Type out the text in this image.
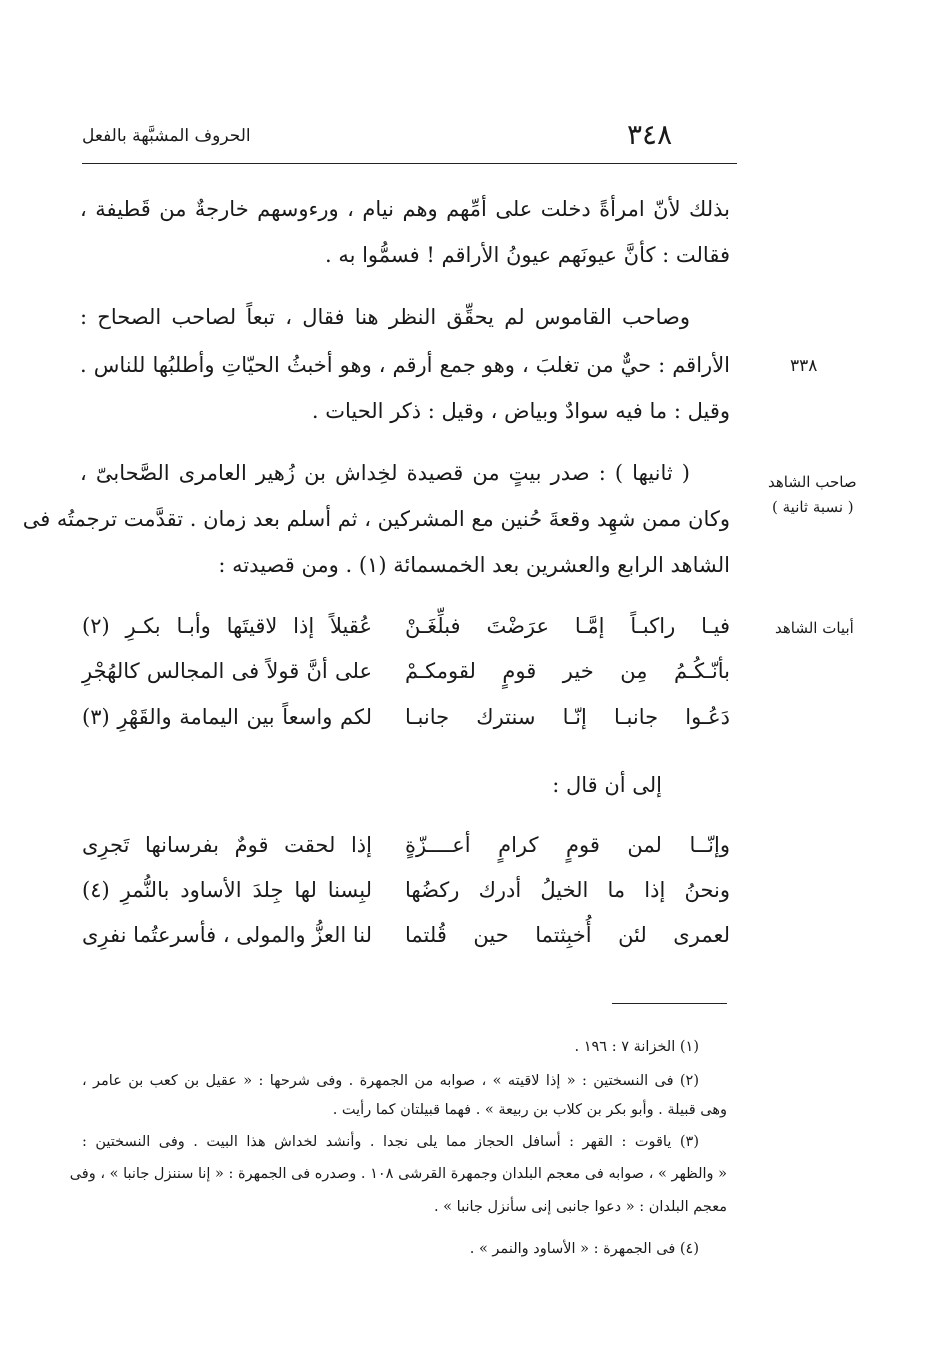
٣٤٨
الحروف المشبَّهة بالفعل
بذلك لأنّ امرأةً دخلت على أمِّهم وهم نيام ، ورءوسهم خارجةٌ من قَطيفة ،
فقالت : كأنَّ عيونَهم عيونُ الأراقم ! فسمُّوا به .
وصاحب القاموس لم يحقِّق النظر هنا فقال ، تبعاً لصاحب الصحاح :
الأراقم : حيٌّ من تغلبَ ، وهو جمع أرقم ، وهو أخبثُ الحيّاتِ وأطلبُها للناس .
وقيل : ما فيه سوادٌ وبياض ، وقيل : ذكر الحيات .
٣٣٨
( ثانيها ) : صدر بيتٍ من قصيدة لخِداش بن زُهير العامرى الصَّحابىّ ،
وكان ممن شهِد وقعةَ حُنين مع المشركين ، ثم أسلم بعد زمان . تقدَّمت ترجمتُه فى
الشاهد الرابع والعشرين بعد الخمسمائة (١) . ومن قصيدته :
صاحب الشاهد
( نسبة ثانية )
أبيات الشاهد
فيـا راكبـاً إمَّـا عرَضْتَ فبلِّغَـنْ
عُقيلاً إذا لاقيتَها وأبـا بكـرِ (٢)
بأنّـكُـمُ مِن خير قومٍ لقومكـمْ
على أنَّ قولاً فى المجالس كالهُجْرِ
دَعُـوا جانبـا إنّـا سنترك جانبـا
لكم واسعاً بين اليمامة والقَهْرِ (٣)
إلى أن قال :
وإنّــا لمن قومٍ كرامٍ أعــــزّةٍ
إذا لحقت قومٌ بفرسانها تَجرِى
ونحنُ إذا ما الخيلُ أدرك ركضُها
لبِسنا لها جِلدَ الأساود بالنُّمرِ (٤)
لعمرى لئن أُخبِثتما حين قُلتما
لنا العزُّ والمولى ، فأسرعتُما نفرِى
(١) الخزانة ٧ : ١٩٦ .
(٢) فى النسختين : « إذا لاقيته » ، صوابه من الجمهرة . وفى شرحها : « عقيل بن كعب بن عامر ،
وهى قبيلة . وأبو بكر بن كلاب بن ربيعة » . فهما قبيلتان كما رأيت .
(٣) ياقوت : القهر : أسافل الحجاز مما يلى نجدا . وأنشد لخداش هذا البيت . وفى النسختين :
« والظهر » ، صوابه فى معجم البلدان وجمهرة القرشى ١٠٨ . وصدره فى الجمهرة : « إنا سننزل جانبا » ، وفى
معجم البلدان : « دعوا جانبى إنى سأنزل جانبا » .
(٤) فى الجمهرة : « الأساود والنمر » .
